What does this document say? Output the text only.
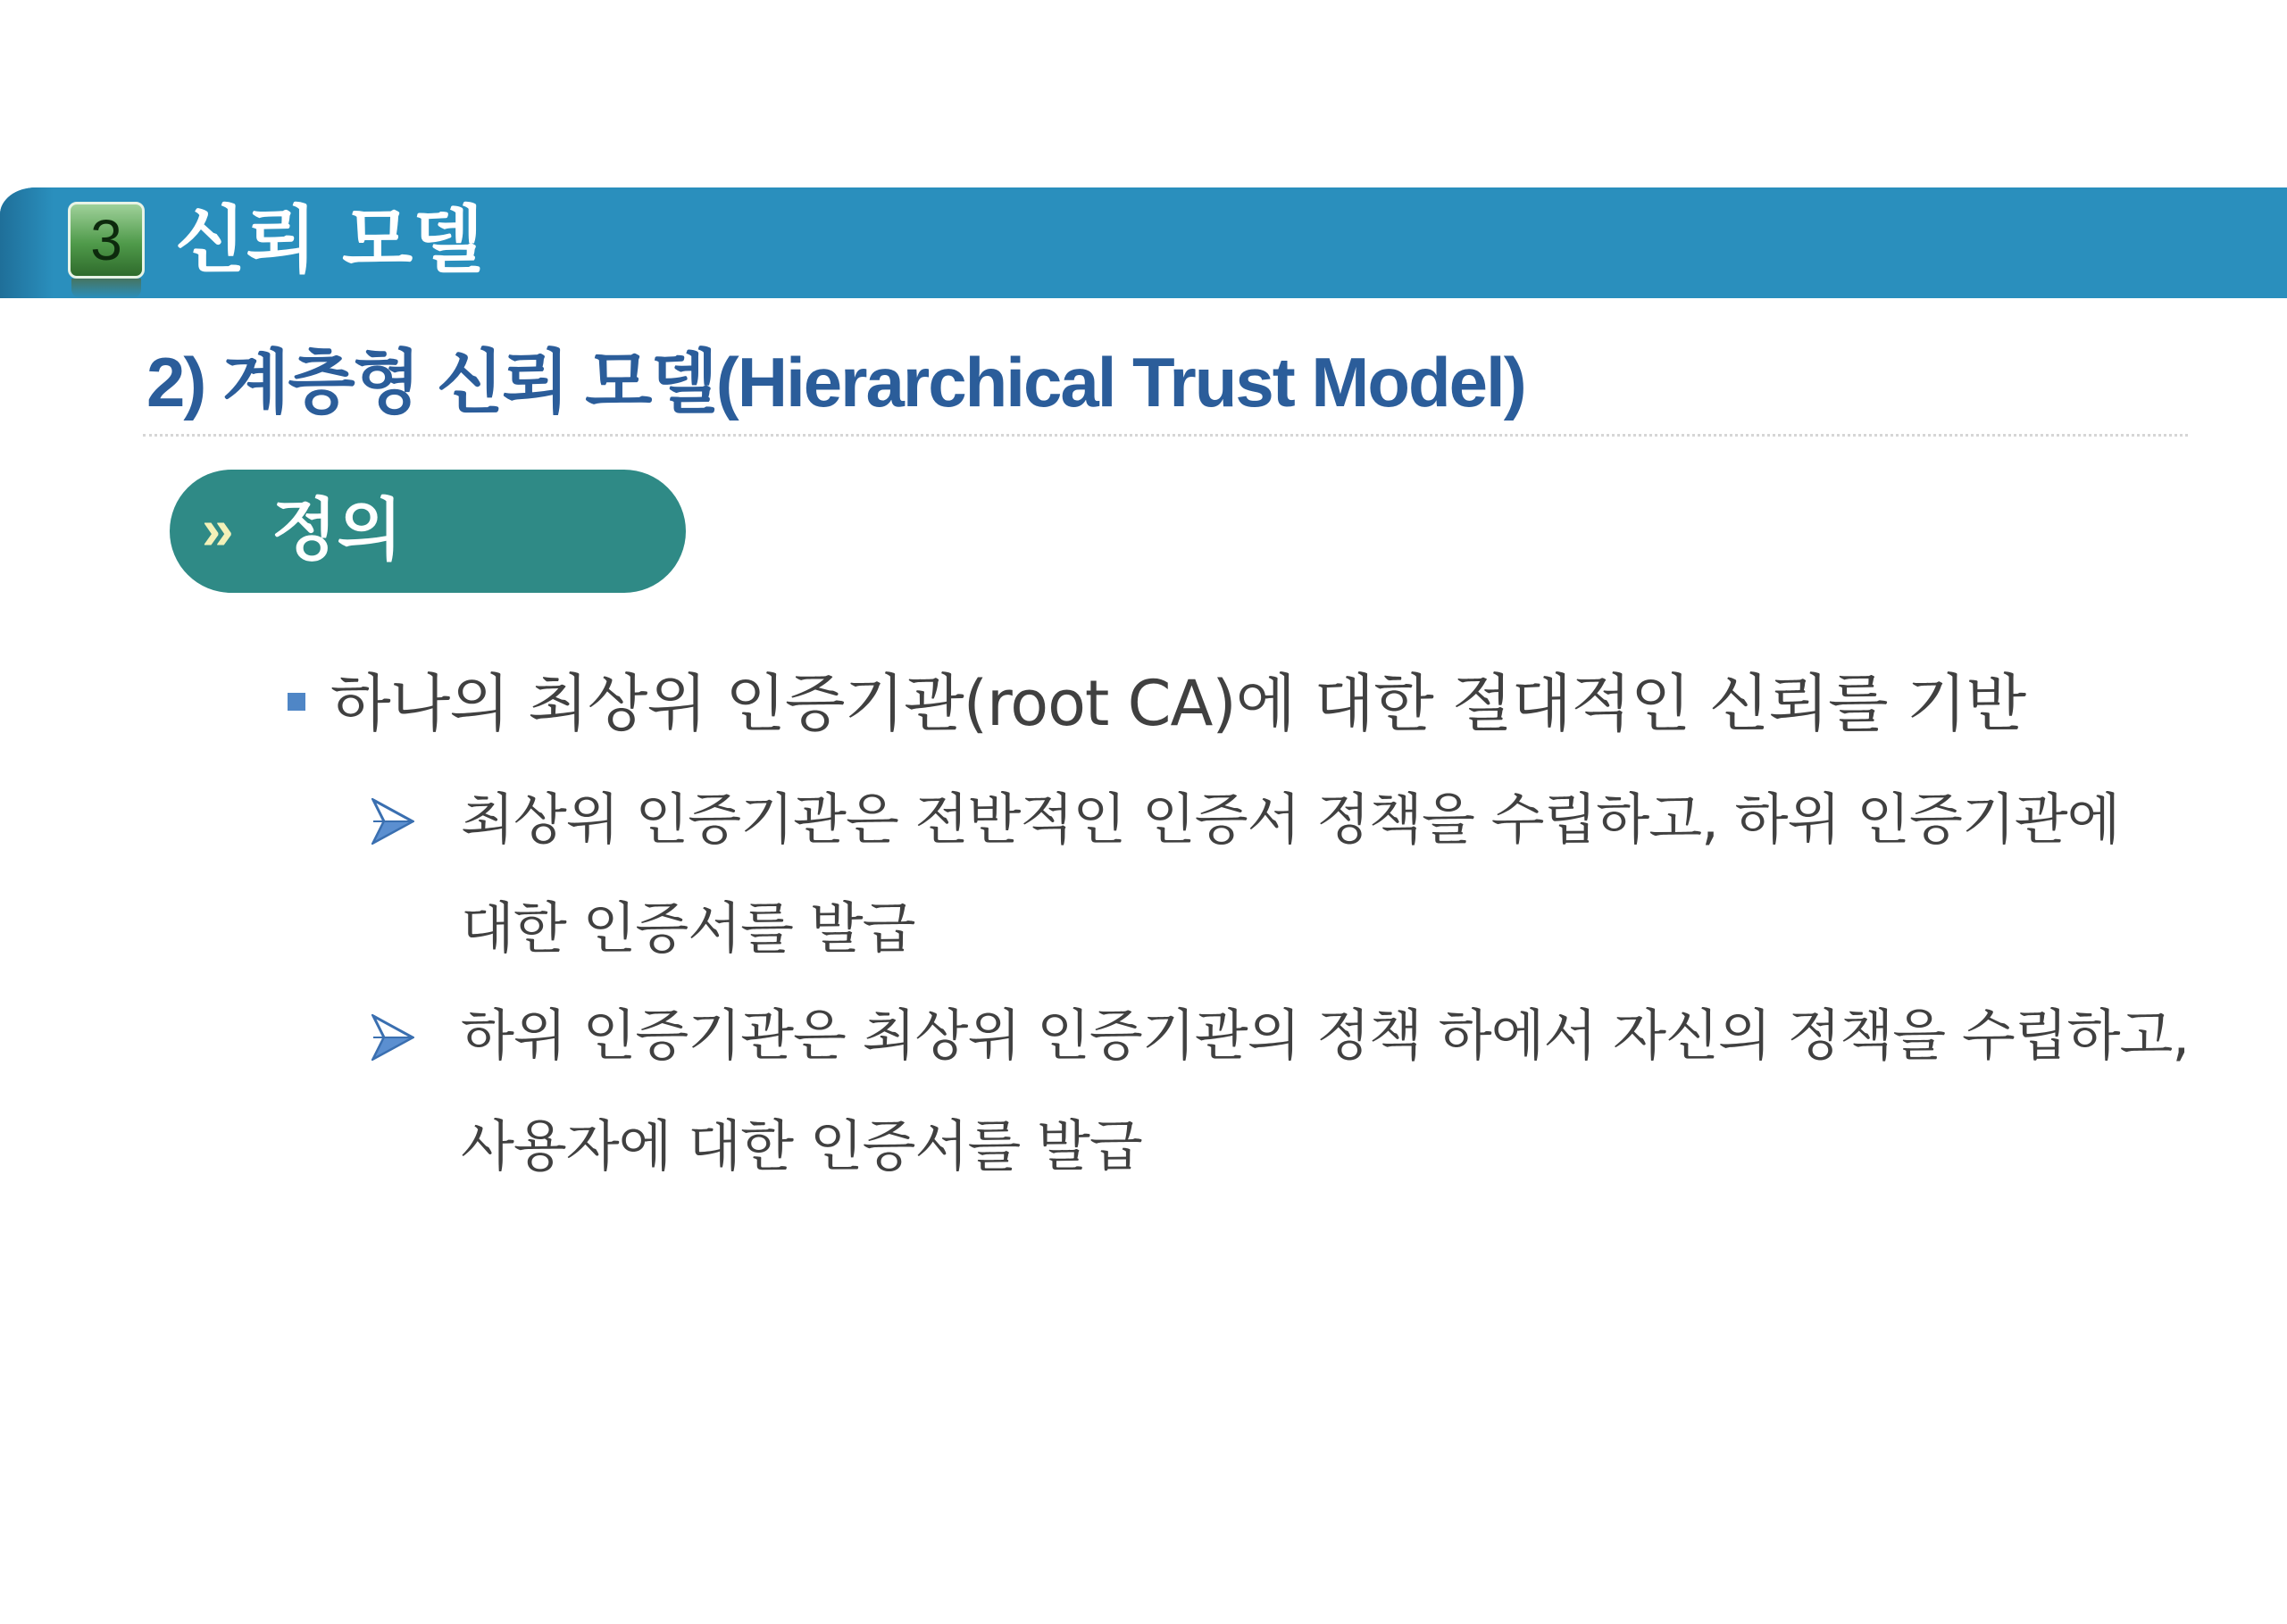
3 신뢰 모델
2) 계층형 신뢰 모델(Hierarchical Trust Model)
» 정의
하나의 최상위 인증기관(root CA)에 대한 절대적인 신뢰를 기반
최상위 인증기관은 전반적인 인증서 정책을 수립하고, 하위 인증기관에
대한 인증서를 발급
하위 인증기관은 최상위 인증기관의 정책 하에서 자신의 정책을 수립하고,
사용자에 대한 인증서를 발급
